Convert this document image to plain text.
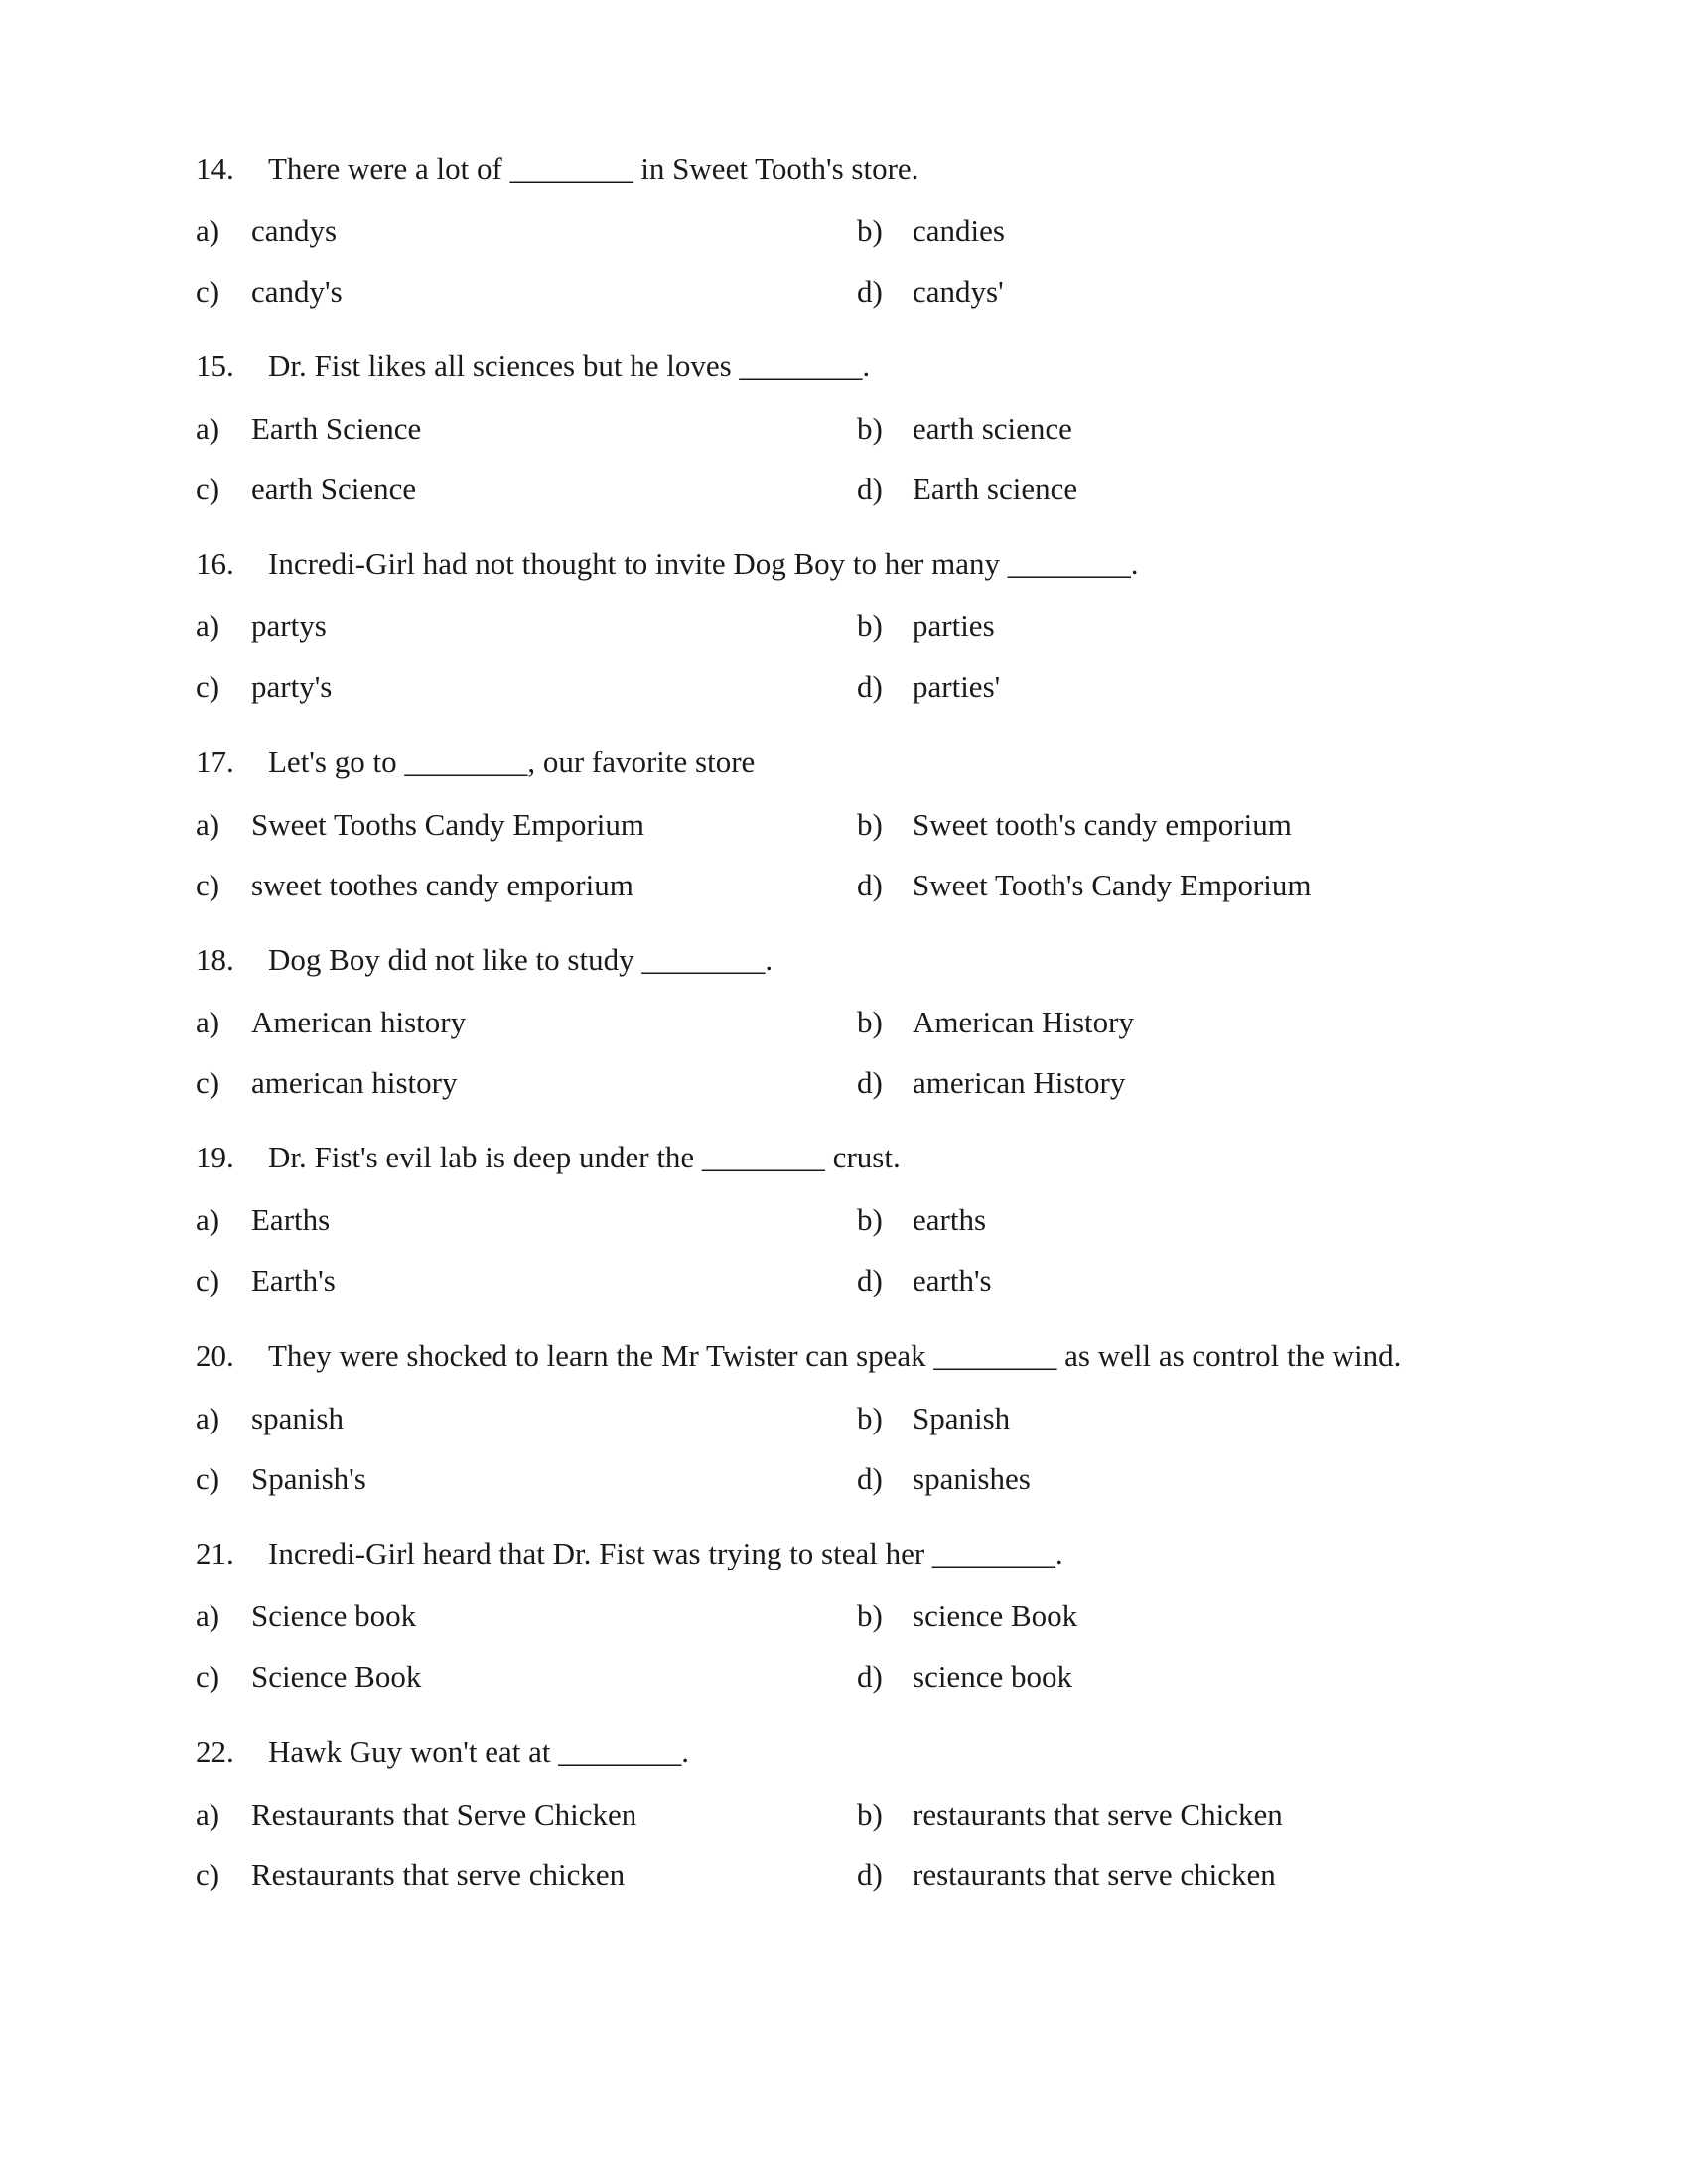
14.	There were a lot of ________ in Sweet Tooth's store.
a)	candys	b) candies
c)	candy's	d) candys'
15.	Dr. Fist likes all sciences but he loves ________.
a)	Earth Science	b) earth science
c)	earth Science	d) Earth science
16.	Incredi-Girl had not thought to invite Dog Boy to her many ________.
a)	partys	b) parties
c)	party's	d) parties'
17.	Let's go to ________, our favorite store
a)	Sweet Tooths Candy Emporium	b) Sweet tooth's candy emporium
c)	sweet toothes candy emporium	d) Sweet Tooth's Candy Emporium
18.	Dog Boy did not like to study ________.
a)	American history	b) American History
c)	american history	d) american History
19.	Dr. Fist's evil lab is deep under the ________ crust.
a)	Earths	b) earths
c)	Earth's	d) earth's
20.	They were shocked to learn the Mr Twister can speak ________ as well as control the wind.
a)	spanish	b) Spanish
c)	Spanish's	d) spanishes
21.	Incredi-Girl heard that Dr. Fist was trying to steal her ________.
a)	Science book	b) science Book
c)	Science Book	d) science book
22.	Hawk Guy won't eat at ________.
a)	Restaurants that Serve Chicken	b) restaurants that serve Chicken
c)	Restaurants that serve chicken	d) restaurants that serve chicken
